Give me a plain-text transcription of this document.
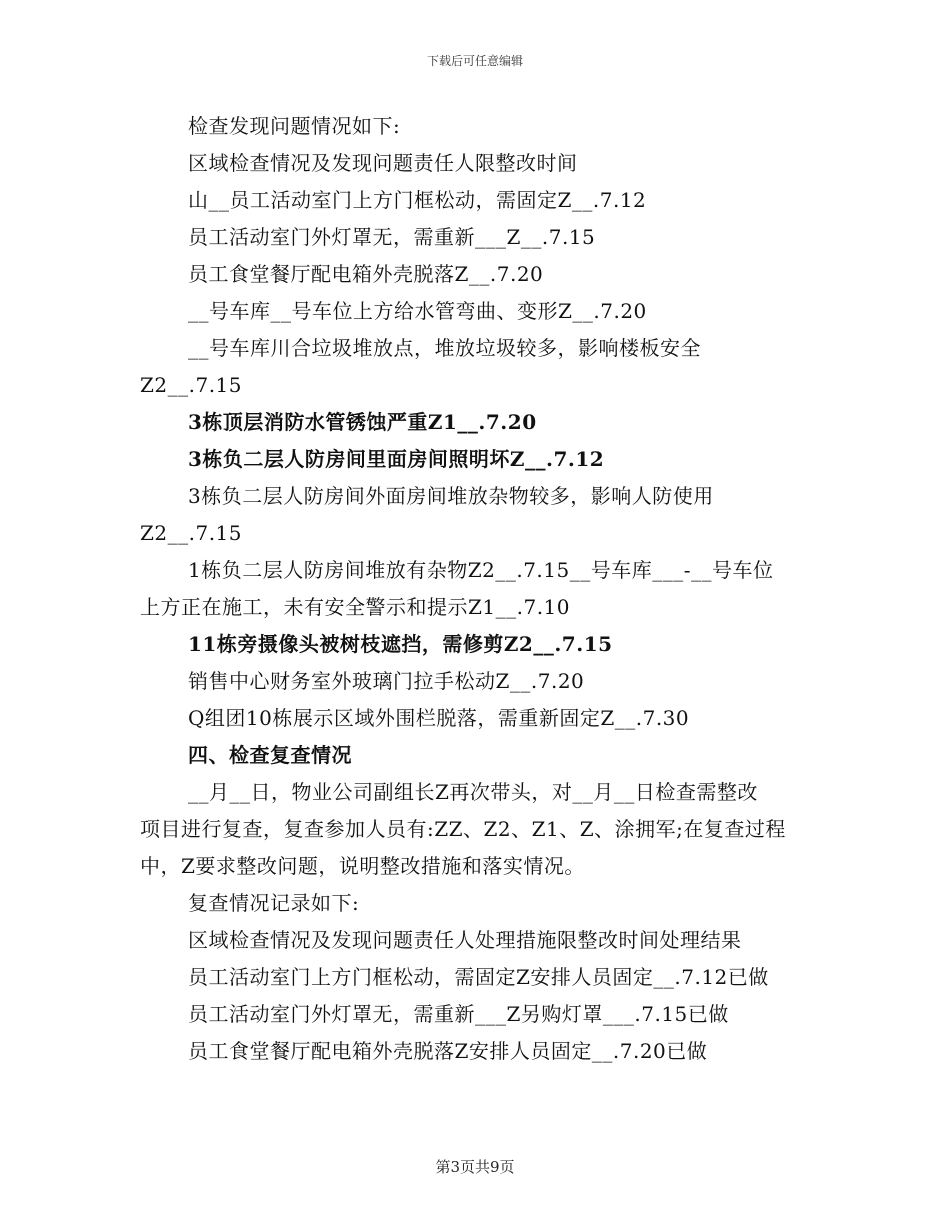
下载后可任意编辑
检查发现问题情况如下:
区域检查情况及发现问题责任人限整改时间
山__员工活动室门上方门框松动，需固定Z__.7.12
员工活动室门外灯罩无，需重新___Z__.7.15
员工食堂餐厅配电箱外壳脱落Z__.7.20
__号车库__号车位上方给水管弯曲、变形Z__.7.20
__号车库川合垃圾堆放点，堆放垃圾较多，影响楼板安全
Z2__.7.15
3栋顶层消防水管锈蚀严重Z1__.7.20
3栋负二层人防房间里面房间照明坏Z__.7.12
3栋负二层人防房间外面房间堆放杂物较多，影响人防使用
Z2__.7.15
1栋负二层人防房间堆放有杂物Z2__.7.15__号车库___-__号车位
上方正在施工，未有安全警示和提示Z1__.7.10
11栋旁摄像头被树枝遮挡，需修剪Z2__.7.15
销售中心财务室外玻璃门拉手松动Z__.7.20
Q组团10栋展示区域外围栏脱落，需重新固定Z__.7.30
四、检查复查情况
__月__日，物业公司副组长Z再次带头，对__月__日检查需整改
项目进行复查，复查参加人员有:ZZ、Z2、Z1、Z、涂拥军;在复查过程
中，Z要求整改问题，说明整改措施和落实情况。
复查情况记录如下:
区域检查情况及发现问题责任人处理措施限整改时间处理结果
员工活动室门上方门框松动，需固定Z安排人员固定__.7.12已做
员工活动室门外灯罩无，需重新___Z另购灯罩___.7.15已做
员工食堂餐厅配电箱外壳脱落Z安排人员固定__.7.20已做
第3页共9页
